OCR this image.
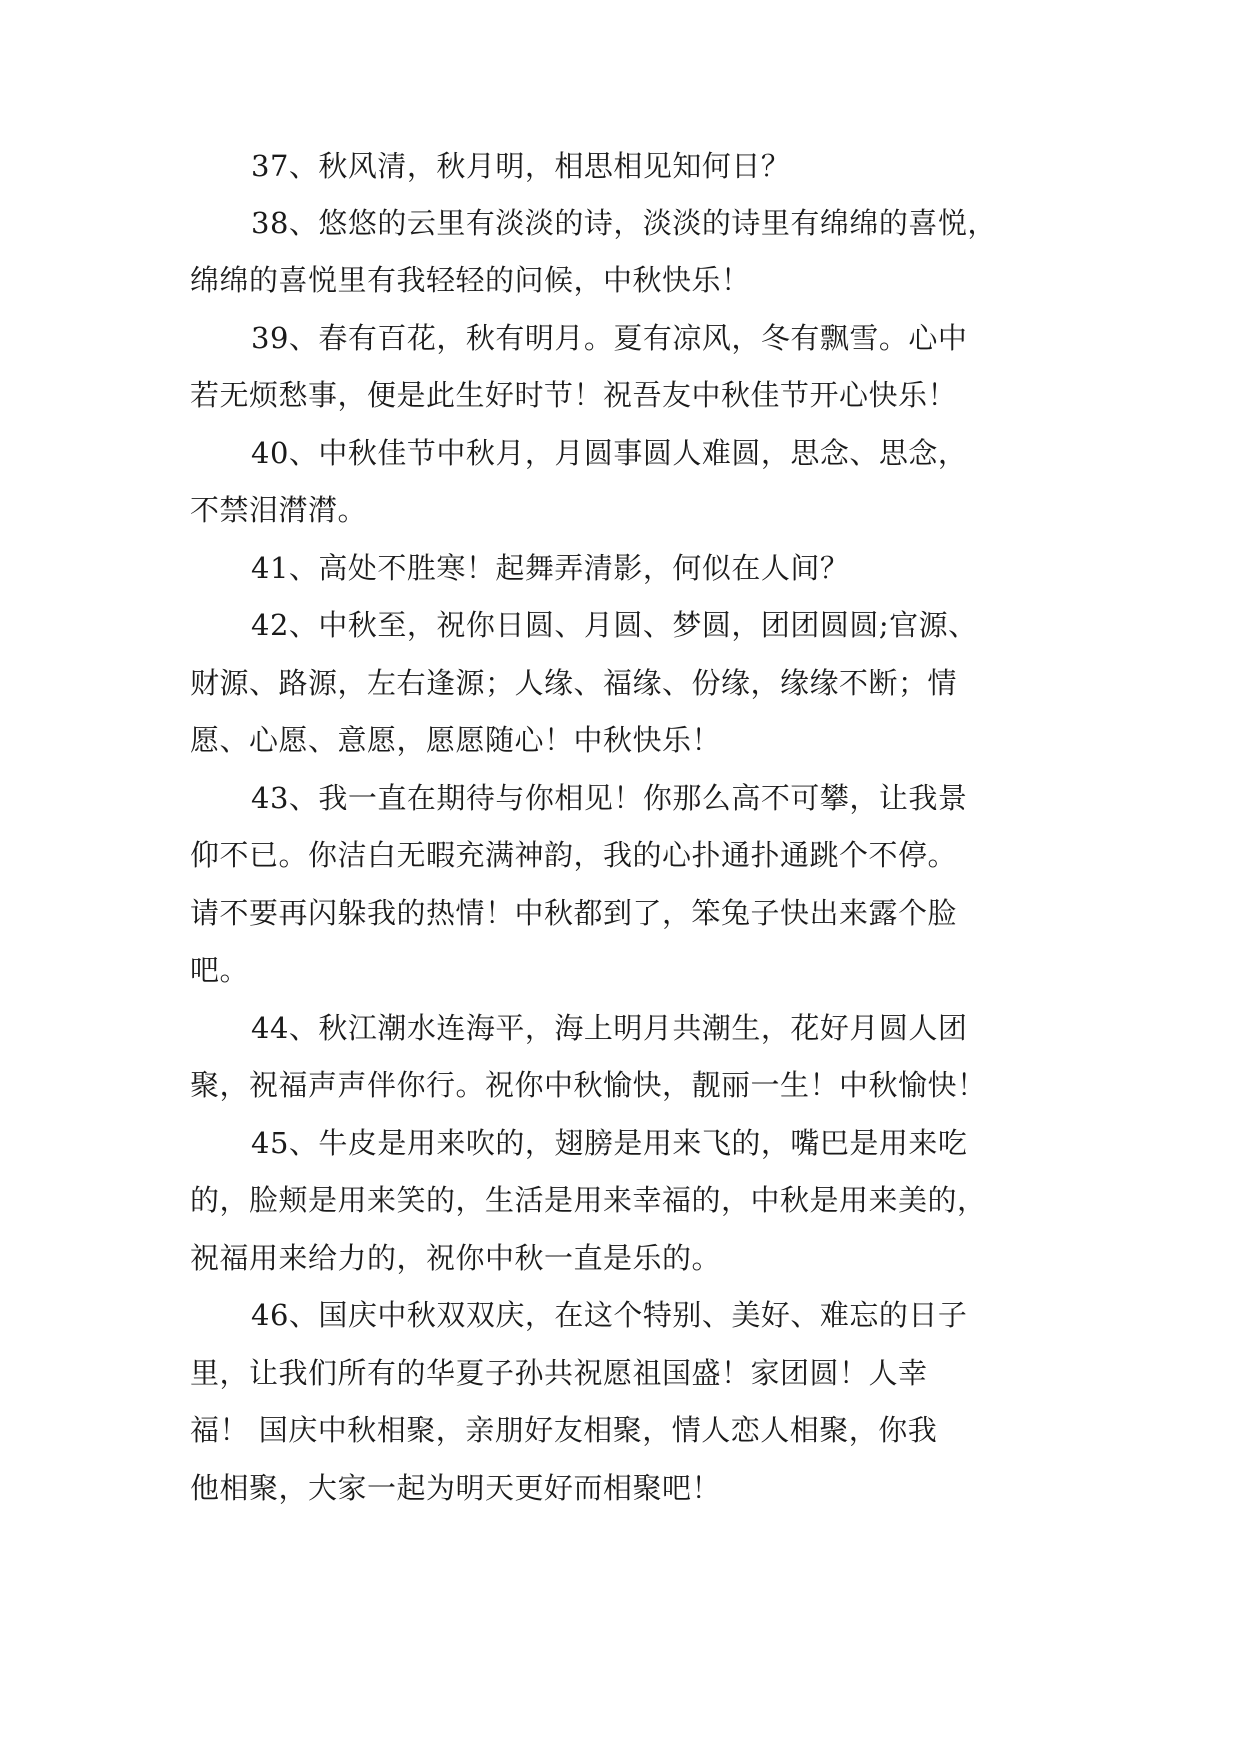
37、秋风清，秋月明，相思相见知何日？
38、悠悠的云里有淡淡的诗，淡淡的诗里有绵绵的喜悦，
绵绵的喜悦里有我轻轻的问候，中秋快乐！
39、春有百花，秋有明月。夏有凉风，冬有飘雪。心中
若无烦愁事，便是此生好时节！祝吾友中秋佳节开心快乐！
40、中秋佳节中秋月，月圆事圆人难圆，思念、思念，
不禁泪潸潸。
41、高处不胜寒！起舞弄清影，何似在人间？
42、中秋至，祝你日圆、月圆、梦圆，团团圆圆;官源、
财源、路源，左右逢源；人缘、福缘、份缘，缘缘不断；情
愿、心愿、意愿，愿愿随心！中秋快乐！
43、我一直在期待与你相见！你那么高不可攀，让我景
仰不已。你洁白无暇充满神韵，我的心扑通扑通跳个不停。
请不要再闪躲我的热情！中秋都到了，笨兔子快出来露个脸
吧。
44、秋江潮水连海平，海上明月共潮生，花好月圆人团
聚，祝福声声伴你行。祝你中秋愉快，靓丽一生！中秋愉快！
45、牛皮是用来吹的，翅膀是用来飞的，嘴巴是用来吃
的，脸颊是用来笑的，生活是用来幸福的，中秋是用来美的，
祝福用来给力的，祝你中秋一直是乐的。
46、国庆中秋双双庆，在这个特别、美好、难忘的日子
里，让我们所有的华夏子孙共祝愿祖国盛！家团圆！人幸
福！ 国庆中秋相聚，亲朋好友相聚，情人恋人相聚，你我
他相聚，大家一起为明天更好而相聚吧！
